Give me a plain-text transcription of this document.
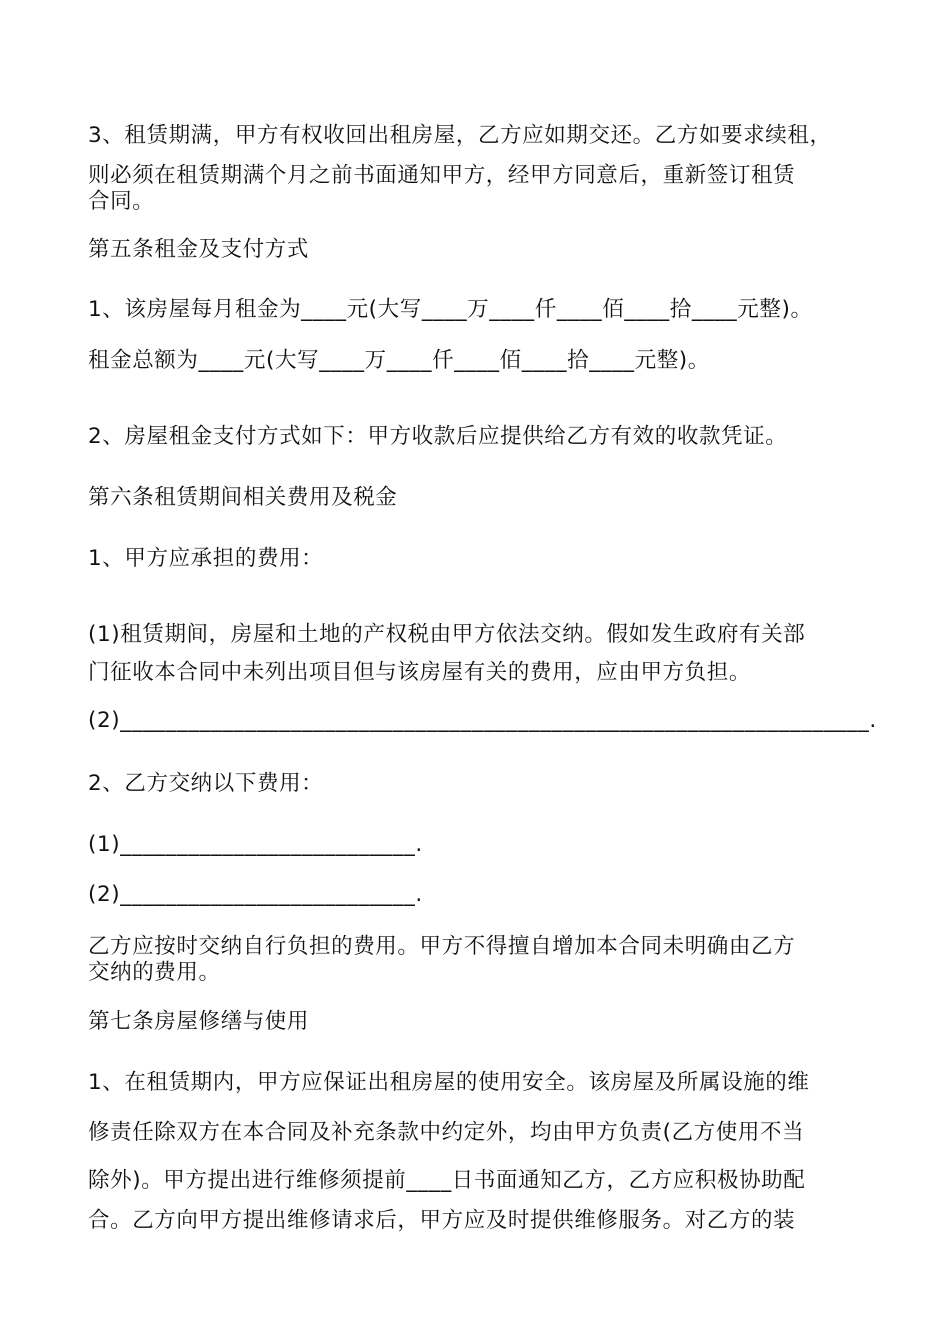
3、租赁期满，甲方有权收回出租房屋，乙方应如期交还。乙方如要求续租，
则必须在租赁期满个月之前书面通知甲方，经甲方同意后，重新签订租赁
合同。
第五条租金及支付方式
1、该房屋每月租金为____元(大写____万____仟____佰____拾____元整)。
租金总额为____元(大写____万____仟____佰____拾____元整)。
2、房屋租金支付方式如下：甲方收款后应提供给乙方有效的收款凭证。
第六条租赁期间相关费用及税金
1、甲方应承担的费用：
(1)租赁期间，房屋和土地的产权税由甲方依法交纳。假如发生政府有关部
门征收本合同中未列出项目但与该房屋有关的费用，应由甲方负担。
(2)__________________________________________________________________.
2、乙方交纳以下费用：
(1)__________________________.
(2)__________________________.
乙方应按时交纳自行负担的费用。甲方不得擅自增加本合同未明确由乙方
交纳的费用。
第七条房屋修缮与使用
1、在租赁期内，甲方应保证出租房屋的使用安全。该房屋及所属设施的维
修责任除双方在本合同及补充条款中约定外，均由甲方负责(乙方使用不当
除外)。甲方提出进行维修须提前____日书面通知乙方，乙方应积极协助配
合。乙方向甲方提出维修请求后，甲方应及时提供维修服务。对乙方的装
